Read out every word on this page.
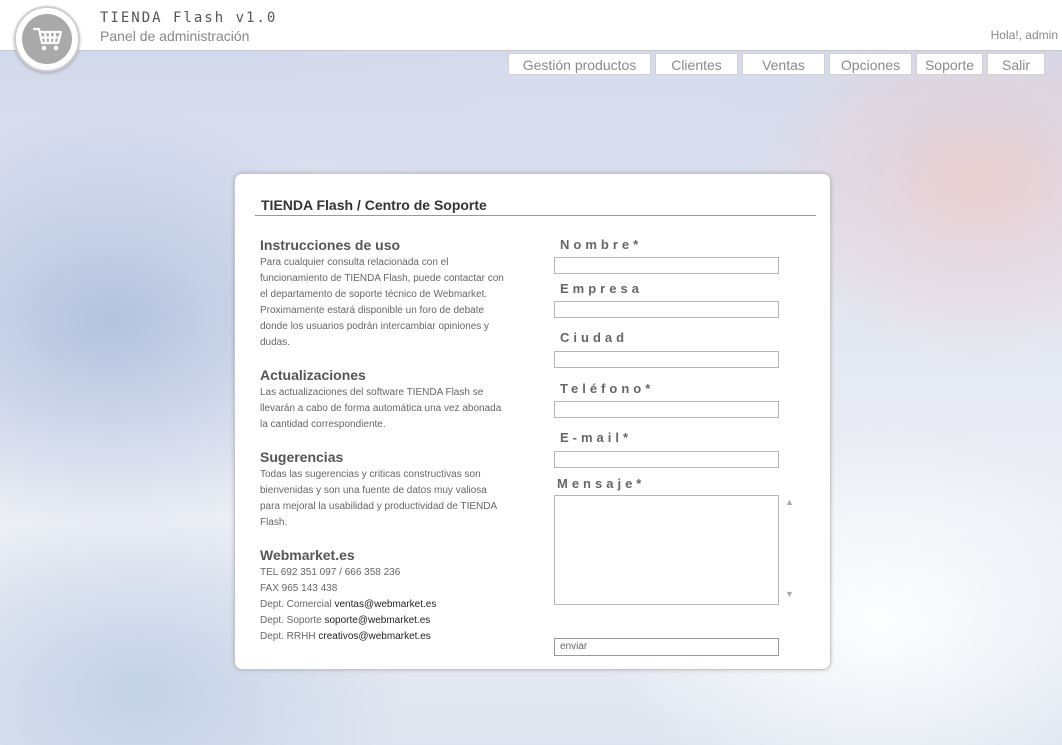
TIENDA Flash v1.0
Panel de administración	Hola!, admin
Gestión productos	Clientes	Ventas	Opciones	Soporte	Salir
TIENDA Flash / Centro de Soporte
Instrucciones de uso

Para cualquier consulta relacionada con el funcionamiento de TIENDA Flash, puede contactar con el departamento de soporte técnico de Webmarket. Proximamente estará disponible un foro de debate donde los usuarios podrán intercambiar opiniones y dudas.

Actualizaciones

Las actualizaciones del software TIENDA Flash se llevarán a cabo de forma automática una vez abonada la cantidad correspondiente.

Sugerencias

Todas las sugerencias y criticas constructivas son bienvenidas y son una fuente de datos muy valiosa para mejoral la usabilidad y productividad de TIENDA Flash.

Webmarket.es
TEL 692 351 097 / 666 358 236
FAX 965 143 438
Dept. Comercial ventas@webmarket.es
Dept. Soporte soporte@webmarket.es
Dept. RRHH creativos@webmarket.es
Nombre*
Empresa
Ciudad
Teléfono*
E-mail*
Mensaje*
▲
▼
enviar
